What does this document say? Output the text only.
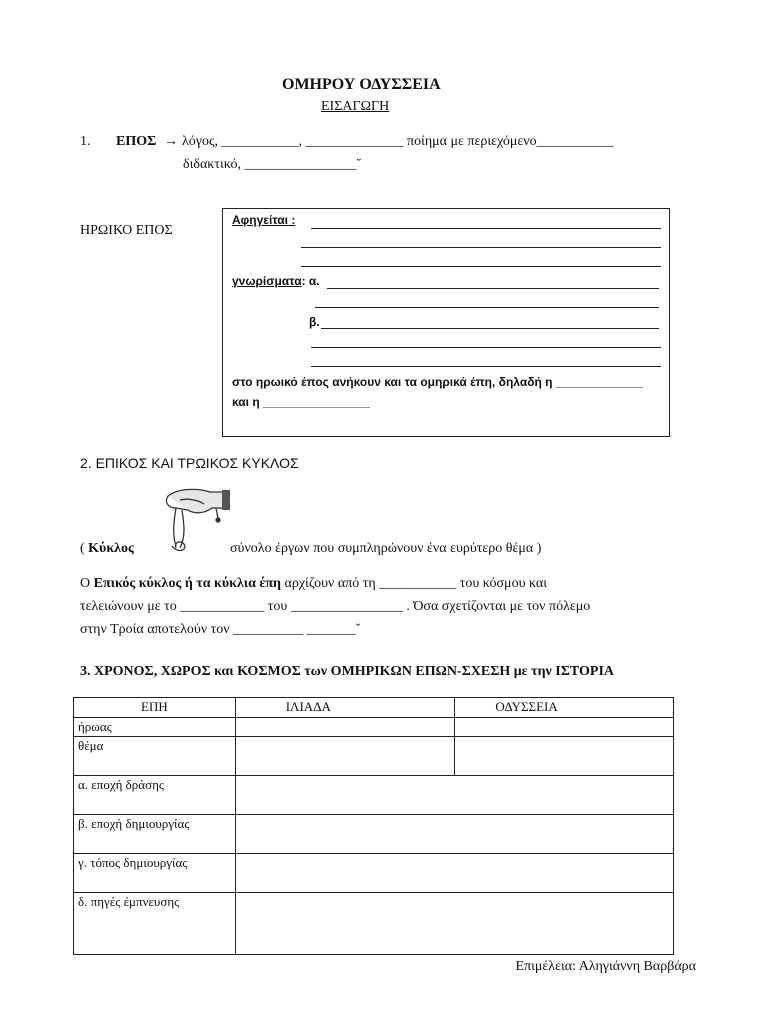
ΟΜΗΡΟΥ ΟΔΥΣΣΕΙΑ
ΕΙΣΑΓΩΓΗ
1. ΕΠΟΣ → λόγος, ___________, ______________ ποίημα με περιεχόμενο___________
διδακτικό, ________________˘
ΗΡΩΙΚΟ ΕΠΟΣ
Αφηγείται :
γνωρίσματα: α.
β.
στο ηρωικό έπος ανήκουν και τα ομηρικά έπη, δηλαδή η _____________
και η ________________
2. ΕΠΙΚΟΣ ΚΑΙ ΤΡΩΙΚΟΣ ΚΥΚΛΟΣ
( Κύκλος	σύνολο έργων που συμπληρώνουν ένα ευρύτερο θέμα )
Ο Επικός κύκλος ή τα κύκλια έπη αρχίζουν από τη ___________ του κόσμου και
τελειώνουν με το ____________ του ________________ . Όσα σχετίζονται με τον πόλεμο
στην Τροία αποτελούν τον __________ _______˘
3. ΧΡΟΝΟΣ, ΧΩΡΟΣ και ΚΟΣΜΟΣ των ΟΜΗΡΙΚΩΝ ΕΠΩΝ-ΣΧΕΣΗ με την ΙΣΤΟΡΙΑ
ΕΠΗ	ΙΛΙΑΔΑ	ΟΔΥΣΣΕΙΑ
ήρωας		
θέμα		
α. εποχή δράσης		
β. εποχή δημιουργίας		
γ. τόπος δημιουργίας		
δ. πηγές έμπνευσης		
Επιμέλεια: Αληγιάννη Βαρβάρα
